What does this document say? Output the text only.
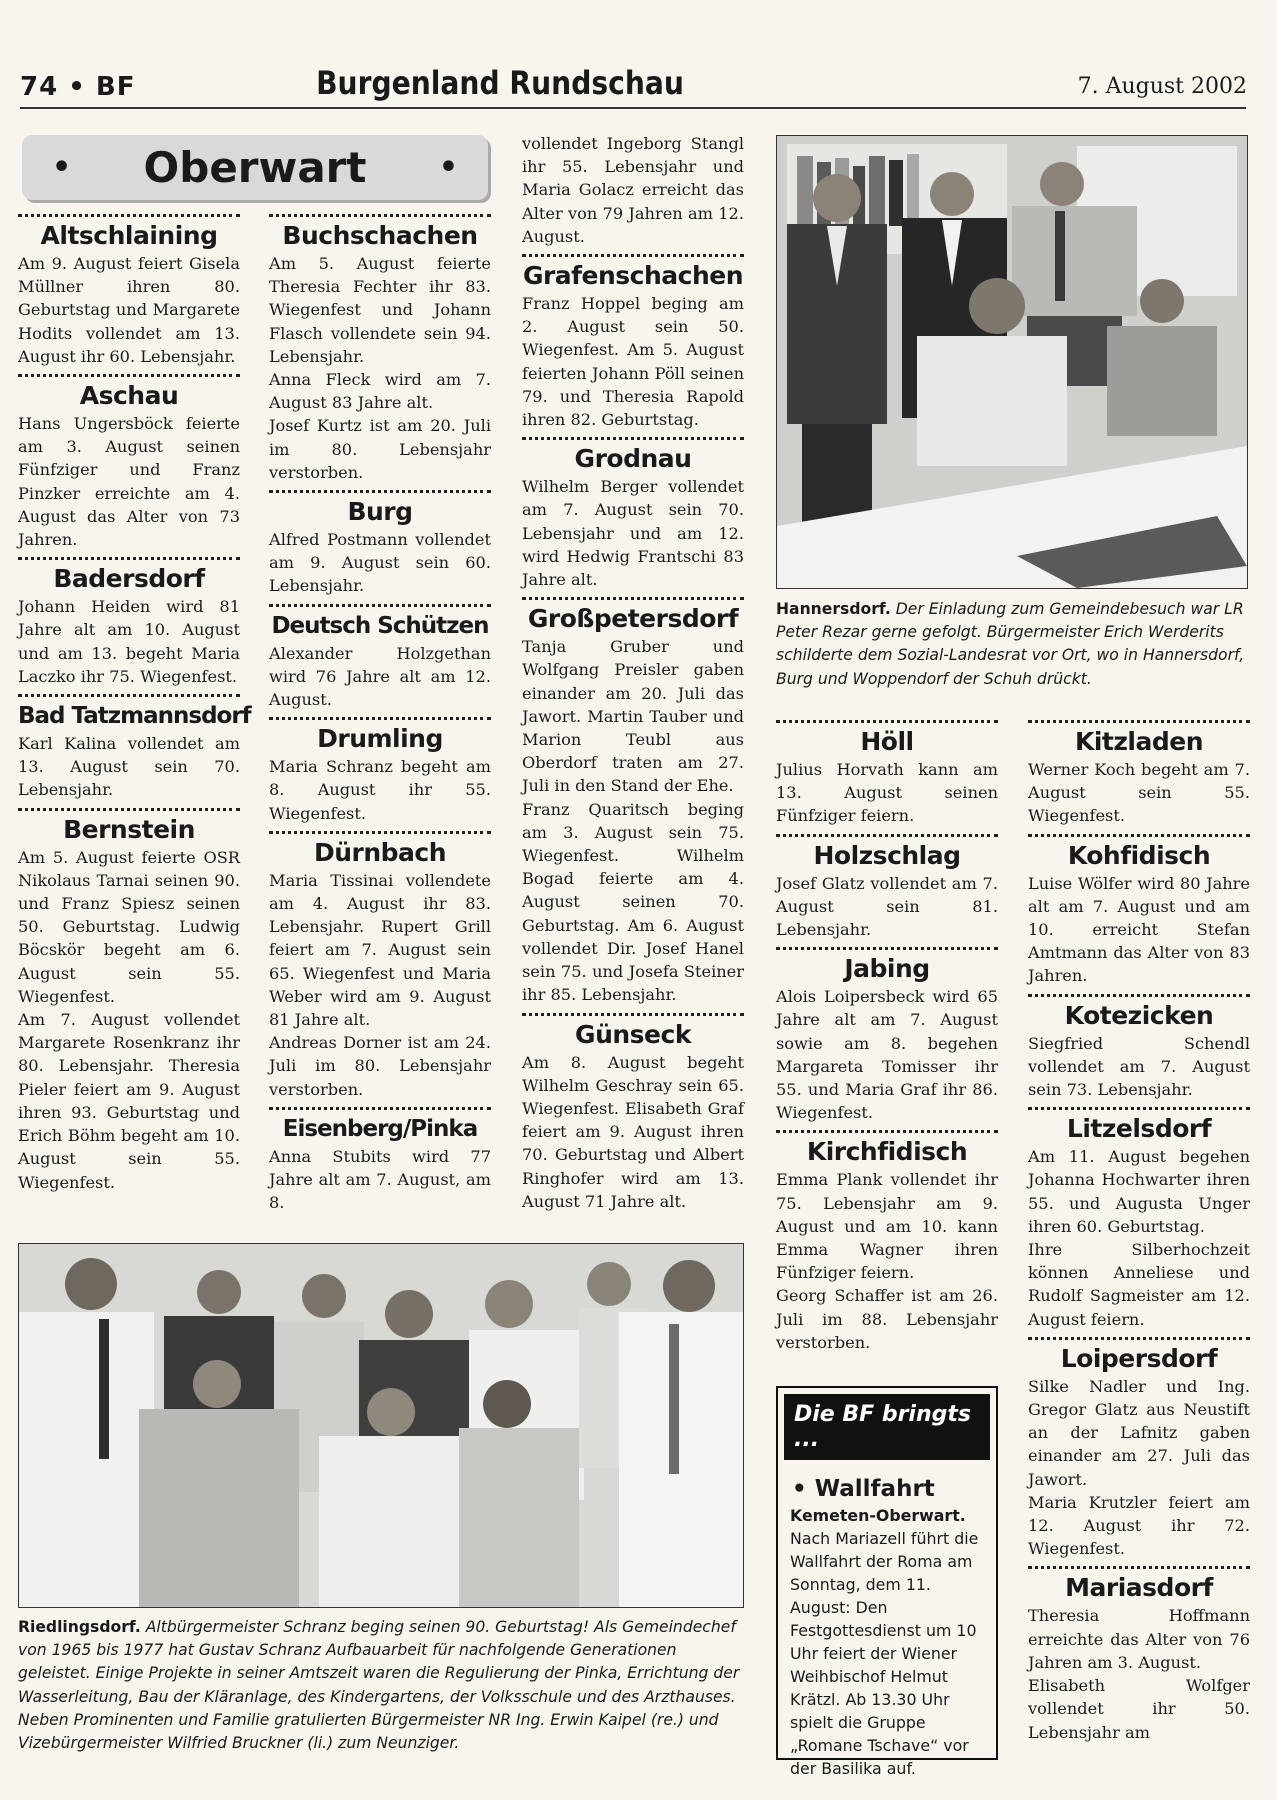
74 • BF	Burgenland Rundschau	7. August 2002
• Oberwart •
Altschlaining

Am 9. August feiert Gisela Müllner ihren 80. Geburtstag und Margarete Hodits vollendet am 13. August ihr 60. Lebensjahr.

Aschau

Hans Ungersböck feierte am 3. August seinen Fünfziger und Franz Pinzker erreichte am 4. August das Alter von 73 Jahren.

Badersdorf

Johann Heiden wird 81 Jahre alt am 10. August und am 13. begeht Maria Laczko ihr 75. Wiegenfest.

Bad Tatzmannsdorf

Karl Kalina vollendet am 13. August sein 70. Lebensjahr.

Bernstein

Am 5. August feierte OSR Nikolaus Tarnai seinen 90. und Franz Spiesz seinen 50. Geburtstag. Ludwig Böcskör begeht am 6. August sein 55. Wiegenfest.

Am 7. August vollendet Margarete Rosenkranz ihr 80. Lebensjahr. Theresia Pieler feiert am 9. August ihren 93. Geburtstag und Erich Böhm begeht am 10. August sein 55. Wiegenfest.

Buchschachen

Am 5. August feierte Theresia Fechter ihr 83. Wiegenfest und Johann Flasch vollendete sein 94. Lebensjahr.

Anna Fleck wird am 7. August 83 Jahre alt.

Josef Kurtz ist am 20. Juli im 80. Lebensjahr verstorben.

Burg

Alfred Postmann vollendet am 9. August sein 60. Lebensjahr.

Deutsch Schützen

Alexander Holzgethan wird 76 Jahre alt am 12. August.

Drumling

Maria Schranz begeht am 8. August ihr 55. Wiegenfest.

Dürnbach

Maria Tissinai vollendete am 4. August ihr 83. Lebensjahr. Rupert Grill feiert am 7. August sein 65. Wiegenfest und Maria Weber wird am 9. August 81 Jahre alt.

Andreas Dorner ist am 24. Juli im 80. Lebensjahr verstorben.

Eisenberg/Pinka

Anna Stubits wird 77 Jahre alt am 7. August, am 8.

vollendet Ingeborg Stangl ihr 55. Lebensjahr und Maria Golacz erreicht das Alter von 79 Jahren am 12. August.

Grafenschachen

Franz Hoppel beging am 2. August sein 50. Wiegenfest. Am 5. August feierten Johann Pöll seinen 79. und Theresia Rapold ihren 82. Geburtstag.

Grodnau

Wilhelm Berger vollendet am 7. August sein 70. Lebensjahr und am 12. wird Hedwig Frantschi 83 Jahre alt.

Großpetersdorf

Tanja Gruber und Wolfgang Preisler gaben einander am 20. Juli das Jawort. Martin Tauber und Marion Teubl aus Oberdorf traten am 27. Juli in den Stand der Ehe.

Franz Quaritsch beging am 3. August sein 75. Wiegenfest. Wilhelm Bogad feierte am 4. August seinen 70. Geburtstag. Am 6. August vollendet Dir. Josef Hanel sein 75. und Josefa Steiner ihr 85. Lebensjahr.

Günseck

Am 8. August begeht Wilhelm Geschray sein 65. Wiegenfest. Elisabeth Graf feiert am 9. August ihren 70. Geburtstag und Albert Ringhofer wird am 13. August 71 Jahre alt.

Hannersdorf. Der Einladung zum Gemeindebesuch war LR Peter Rezar gerne gefolgt. Bürgermeister Erich Werderits schilderte dem Sozial-Landesrat vor Ort, wo in Hannersdorf, Burg und Woppendorf der Schuh drückt.
Höll

Julius Horvath kann am 13. August seinen Fünfziger feiern.

Holzschlag

Josef Glatz vollendet am 7. August sein 81. Lebensjahr.

Jabing

Alois Loipersbeck wird 65 Jahre alt am 7. August sowie am 8. begehen Margareta Tomisser ihr 55. und Maria Graf ihr 86. Wiegenfest.

Kirchfidisch

Emma Plank vollendet ihr 75. Lebensjahr am 9. August und am 10. kann Emma Wagner ihren Fünfziger feiern.

Georg Schaffer ist am 26. Juli im 88. Lebensjahr verstorben.

Die BF bringts ...
• Wallfahrt
Kemeten-Oberwart. Nach Mariazell führt die Wallfahrt der Roma am Sonntag, dem 11. August: Den Festgottesdienst um 10 Uhr feiert der Wiener Weihbischof Helmut Krätzl. Ab 13.30 Uhr spielt die Gruppe „Romane Tschave“ vor der Basilika auf.
Kitzladen

Werner Koch begeht am 7. August sein 55. Wiegenfest.

Kohfidisch

Luise Wölfer wird 80 Jahre alt am 7. August und am 10. erreicht Stefan Amtmann das Alter von 83 Jahren.

Kotezicken

Siegfried Schendl vollendet am 7. August sein 73. Lebensjahr.

Litzelsdorf

Am 11. August begehen Johanna Hochwarter ihren 55. und Augusta Unger ihren 60. Geburtstag.

Ihre Silberhochzeit können Anneliese und Rudolf Sagmeister am 12. August feiern.

Loipersdorf

Silke Nadler und Ing. Gregor Glatz aus Neustift an der Lafnitz gaben einander am 27. Juli das Jawort.

Maria Krutzler feiert am 12. August ihr 72. Wiegenfest.

Mariasdorf

Theresia Hoffmann erreichte das Alter von 76 Jahren am 3. August.

Elisabeth Wolfger vollendet ihr 50. Lebensjahr am

Riedlingsdorf. Altbürgermeister Schranz beging seinen 90. Geburtstag! Als Gemeindechef von 1965 bis 1977 hat Gustav Schranz Aufbauarbeit für nachfolgende Generationen geleistet. Einige Projekte in seiner Amtszeit waren die Regulierung der Pinka, Errichtung der Wasserleitung, Bau der Kläranlage, des Kindergartens, der Volksschule und des Arzthauses. Neben Prominenten und Familie gratulierten Bürgermeister NR Ing. Erwin Kaipel (re.) und Vizebürgermeister Wilfried Bruckner (li.) zum Neunziger.
